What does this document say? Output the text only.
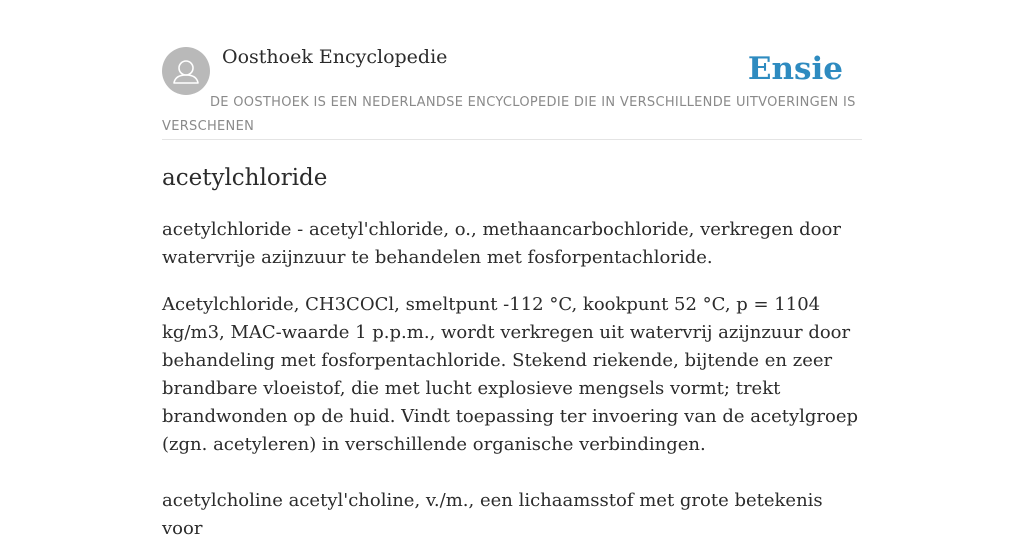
Oosthoek Encyclopedie	Ensie
DE OOSTHOEK IS EEN NEDERLANDSE ENCYCLOPEDIE DIE IN VERSCHILLENDE UITVOERINGEN IS VERSCHENEN
acetylchloride

acetylchloride - acetyl'chloride, o., methaancarbochloride, verkregen door watervrije azijnzuur te behandelen met fosforpentachloride.

Acetylchloride, CH3COCl, smeltpunt -112 °C, kookpunt 52 °C, p = 1104 kg/m3, MAC-waarde 1 p.p.m., wordt verkregen uit watervrij azijnzuur door behandeling met fosforpentachloride. Stekend riekende, bijtende en zeer brandbare vloeistof, die met lucht explosieve mengsels vormt; trekt brandwonden op de huid. Vindt toepassing ter invoering van de acetylgroep (zgn. acetyleren) in verschillende organische verbindingen.

acetylcholine acetyl'choline, v./m., een lichaamsstof met grote betekenis voor
